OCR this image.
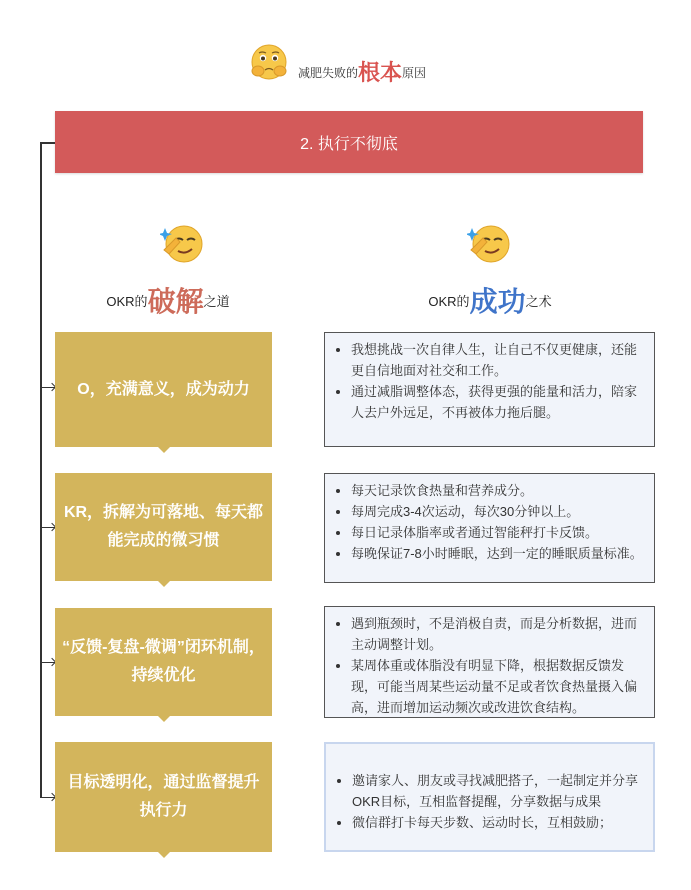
减肥失败的根本原因
2. 执行不彻底
OKR的破解之道	OKR的成功之术
O，充满意义，成为动力
• 我想挑战一次自律人生，让自己不仅更健康，还能更自信地面对社交和工作。
• 通过减脂调整体态，获得更强的能量和活力，陪家人去户外远足，不再被体力拖后腿。
KR，拆解为可落地、每天都能完成的微习惯
• 每天记录饮食热量和营养成分。
• 每周完成3-4次运动，每次30分钟以上。
• 每日记录体脂率或者通过智能秤打卡反馈。
• 每晚保证7-8小时睡眠，达到一定的睡眠质量标准。
“反馈-复盘-微调”闭环机制，持续优化
• 遇到瓶颈时，不是消极自责，而是分析数据，进而主动调整计划。
• 某周体重或体脂没有明显下降，根据数据反馈发现，可能当周某些运动量不足或者饮食热量摄入偏高，进而增加运动频次或改进饮食结构。
目标透明化，通过监督提升执行力
• 邀请家人、朋友或寻找减肥搭子，一起制定并分享OKR目标，互相监督提醒，分享数据与成果
• 微信群打卡每天步数、运动时长，互相鼓励；
